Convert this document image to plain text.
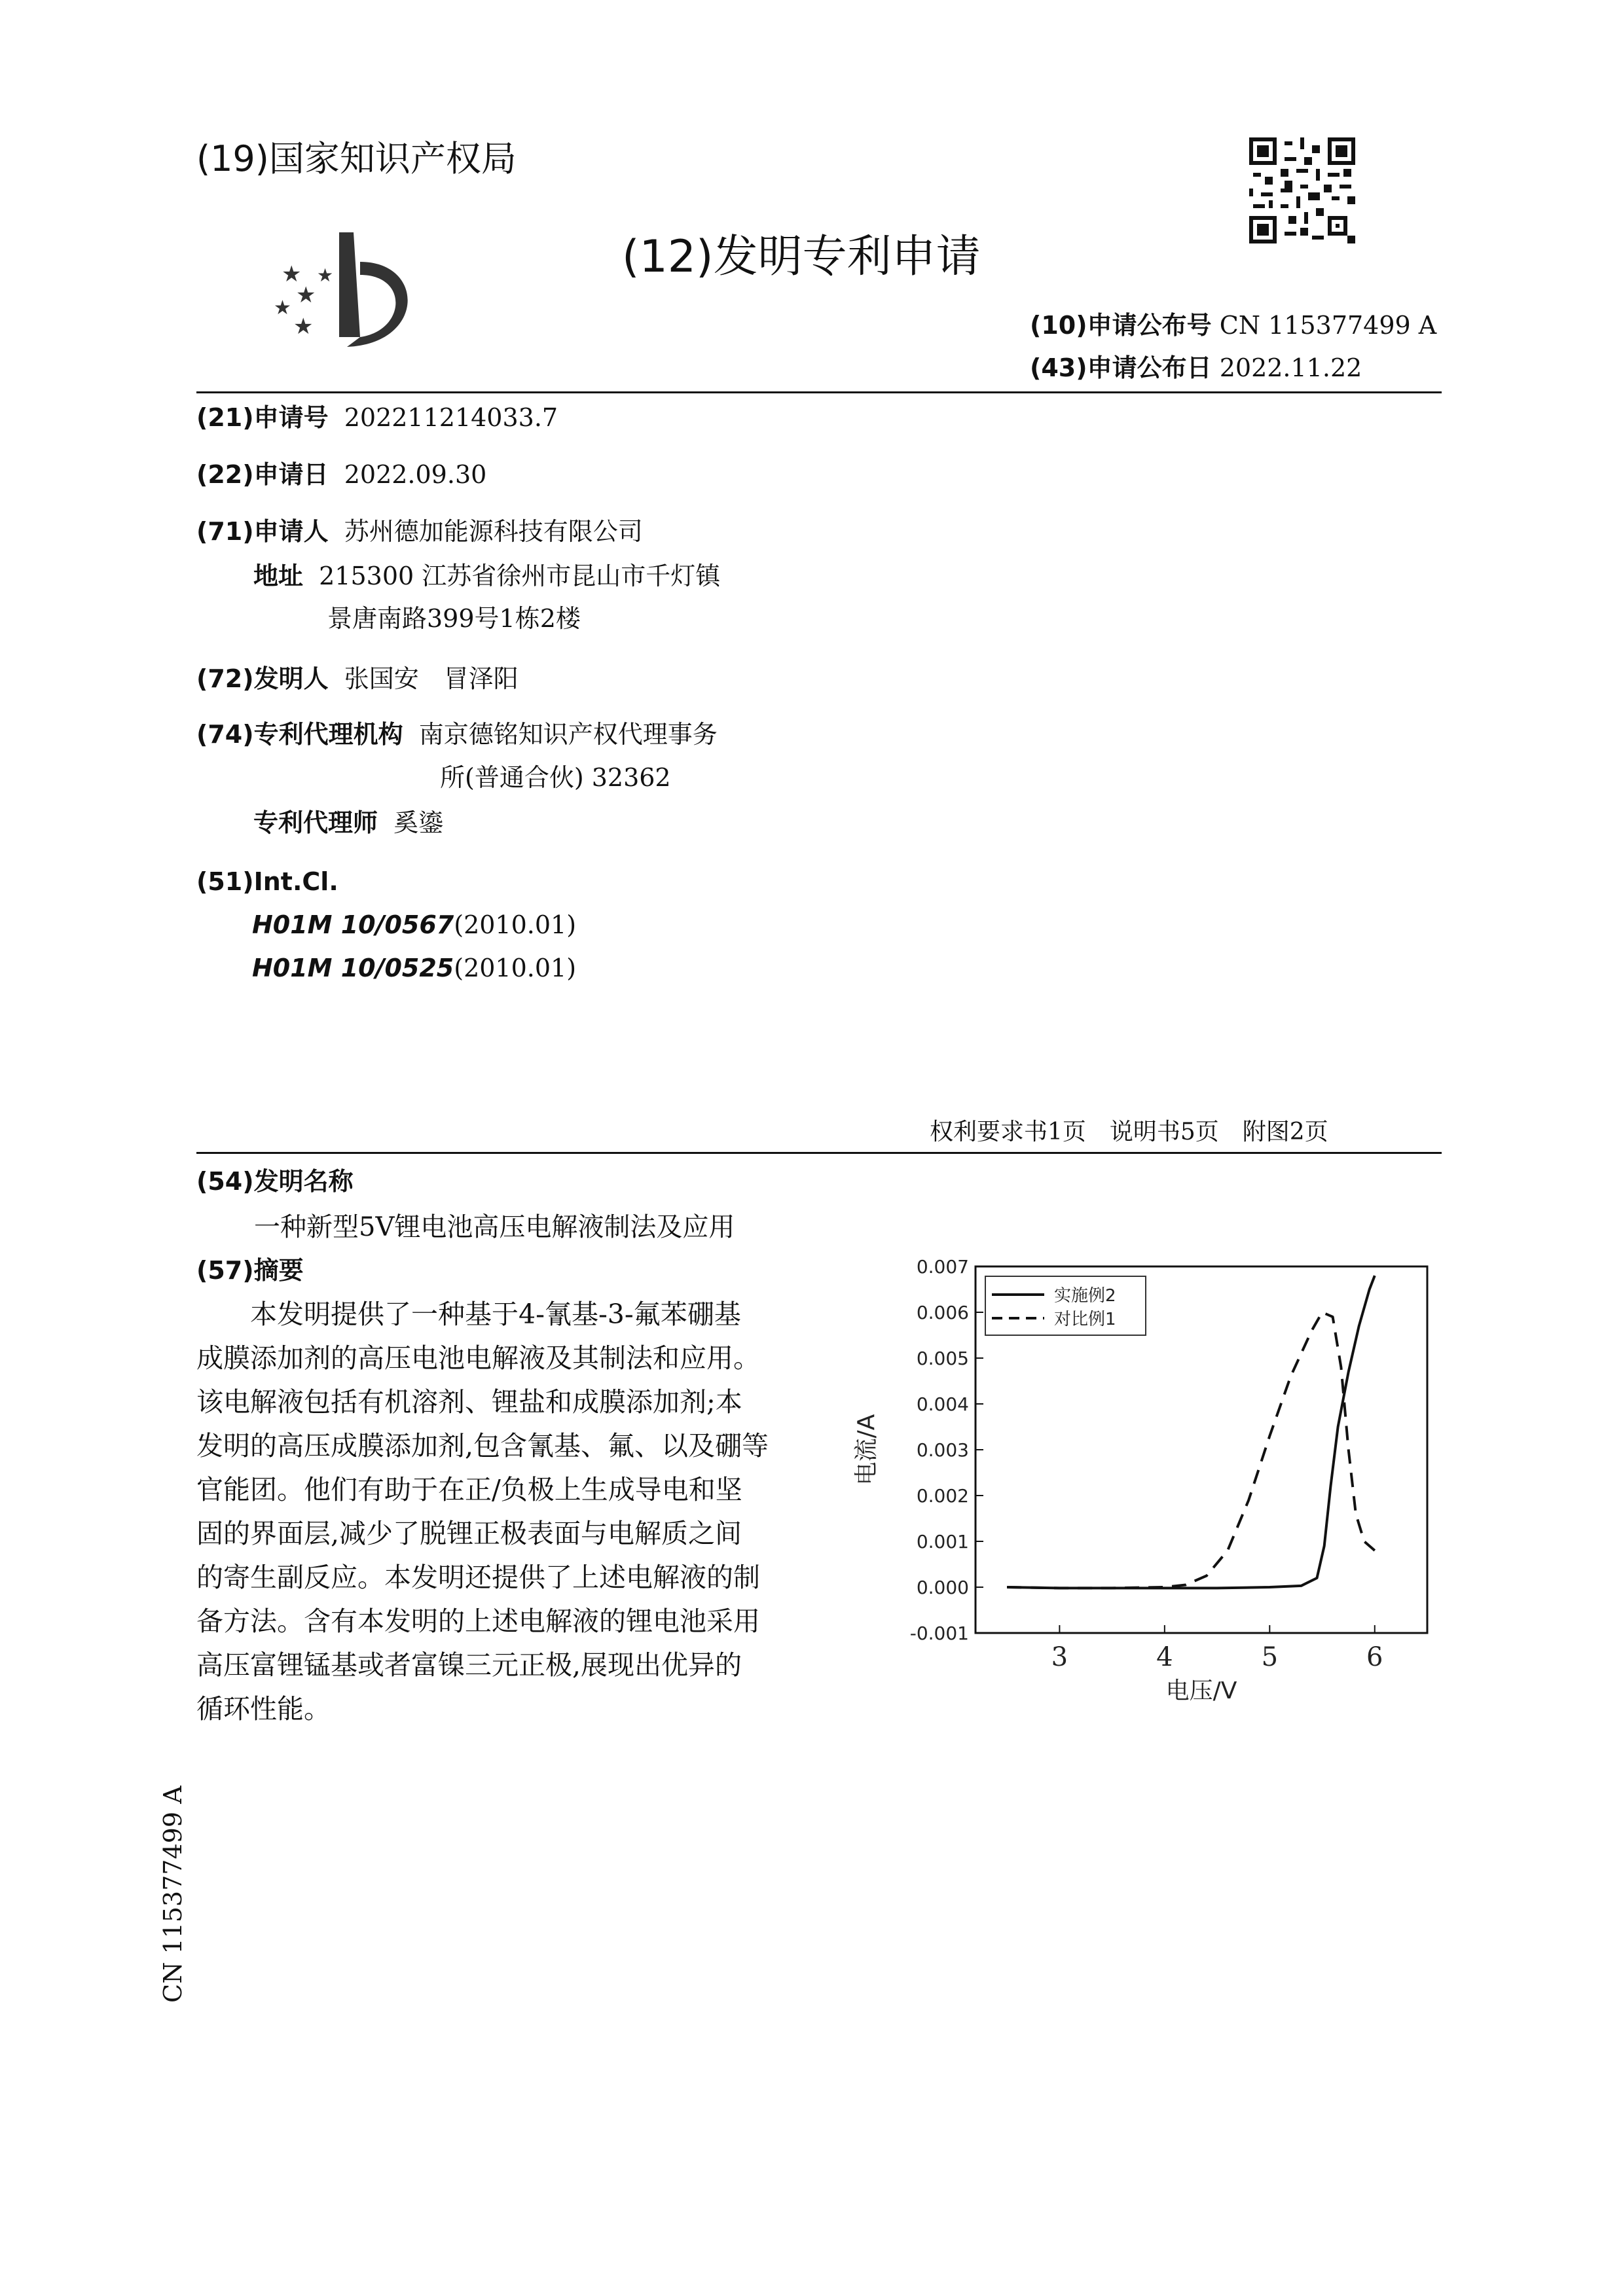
(19)国家知识产权局
★
★
★
★
★	(12)发明专利申请
(10)申请公布号 CN 115377499 A
(43)申请公布日 2022.11.22
(21)申请号 202211214033.7
(22)申请日 2022.09.30
(71)申请人 苏州德加能源科技有限公司
地址 215300 江苏省徐州市昆山市千灯镇
景唐南路399号1栋2楼
(72)发明人 张国安　冒泽阳
(74)专利代理机构 南京德铭知识产权代理事务
所(普通合伙) 32362
专利代理师 奚鎏
(51)Int.Cl.
H01M 10/0567(2010.01)
H01M 10/0525(2010.01)
权利要求书1页　说明书5页　附图2页
(54)发明名称
一种新型5V锂电池高压电解液制法及应用
(57)摘要

本发明提供了一种基于4-氰基-3-氟苯硼基

成膜添加剂的高压电池电解液及其制法和应用。

该电解液包括有机溶剂、锂盐和成膜添加剂;本

发明的高压成膜添加剂,包含氰基、氟、以及硼等

官能团。他们有助于在正/负极上生成导电和坚

固的界面层,减少了脱锂正极表面与电解质之间

的寄生副反应。本发明还提供了上述电解液的制

备方法。含有本发明的上述电解液的锂电池采用

高压富锂锰基或者富镍三元正极,展现出优异的

循环性能。

-0.001
0.000
0.001
0.002
0.003
0.004
0.005
0.006
0.007
3	4	5	6
电压/V
电流/A
实施例2
对比例1
CN 115377499 A
